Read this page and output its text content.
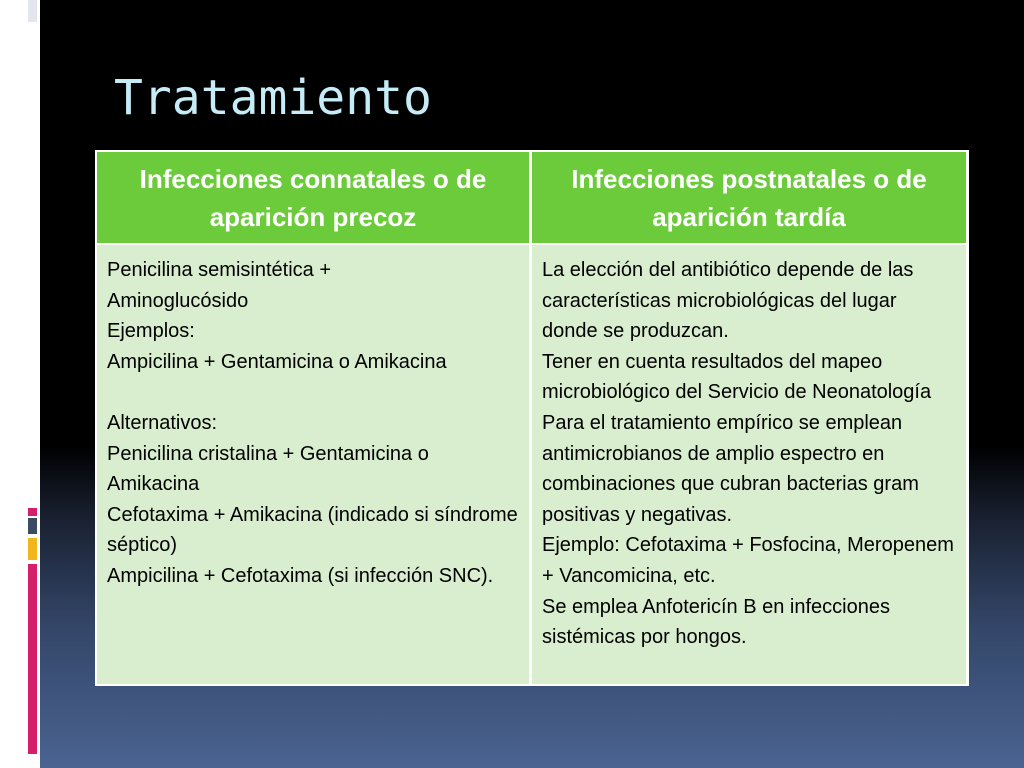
Tratamiento
Infecciones connatales o de aparición precoz
Infecciones postnatales o de aparición tardía
Penicilina semisintética +
Aminoglucósido
Ejemplos:
Ampicilina + Gentamicina o Amikacina

Alternativos:
Penicilina cristalina + Gentamicina o Amikacina
Cefotaxima + Amikacina (indicado si síndrome séptico)
Ampicilina + Cefotaxima (si infección SNC).
La elección del antibiótico depende de las características microbiológicas del lugar donde se produzcan.
Tener en cuenta resultados del mapeo microbiológico del Servicio de Neonatología
Para el tratamiento empírico se emplean antimicrobianos de amplio espectro en combinaciones que cubran bacterias gram positivas y negativas.
Ejemplo: Cefotaxima + Fosfocina, Meropenem + Vancomicina, etc.
Se emplea Anfotericín B en infecciones sistémicas por hongos.
